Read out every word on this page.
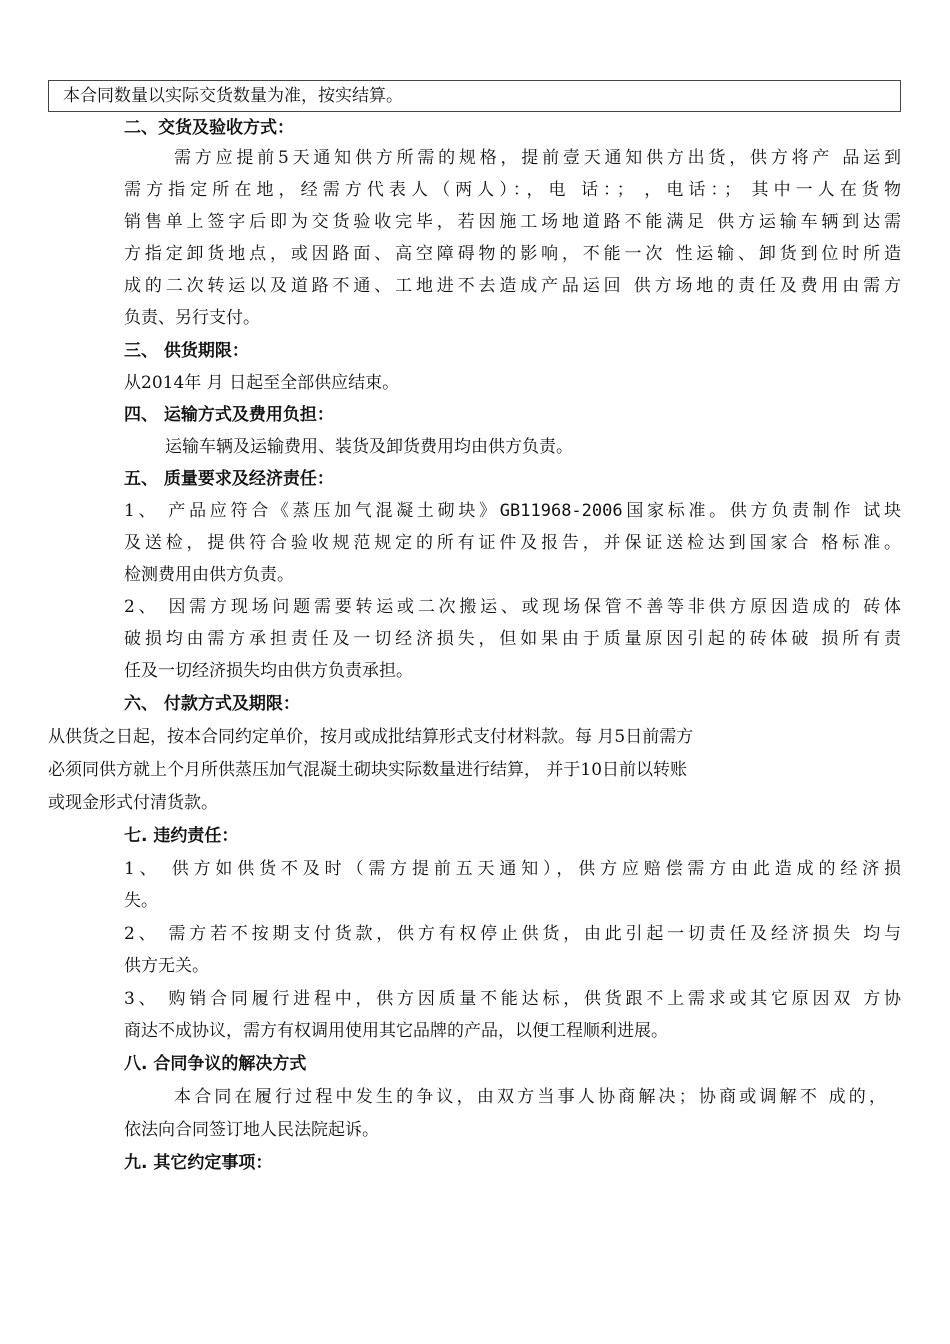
本合同数量以实际交货数量为准，按实结算。
二、交货及验收方式：
需方应提前5天通知供方所需的规格，提前壹天通知供方出货，供方将产 品运到
需方指定所在地，经需方代表人（两人）：，电 话：； ，电话：； 其中一人在货物
销售单上签字后即为交货验收完毕，若因施工场地道路不能满足 供方运输车辆到达需
方指定卸货地点，或因路面、高空障碍物的影响，不能一次 性运输、卸货到位时所造
成的二次转运以及道路不通、工地进不去造成产品运回 供方场地的责任及费用由需方
负责、另行支付。
三、 供货期限：
从2014年 月 日起至全部供应结束。
四、 运输方式及费用负担：
运输车辆及运输费用、装货及卸货费用均由供方负责。
五、 质量要求及经济责任：
1、 产品应符合《蒸压加气混凝土砌块》GB11968-2006国家标准。供方负责制作 试块
及送检，提供符合验收规范规定的所有证件及报告，并保证送检达到国家合 格标准。
检测费用由供方负责。
2、 因需方现场问题需要转运或二次搬运、或现场保管不善等非供方原因造成的 砖体
破损均由需方承担责任及一切经济损失，但如果由于质量原因引起的砖体破 损所有责
任及一切经济损失均由供方负责承担。
六、 付款方式及期限：
从供货之日起，按本合同约定单价，按月或成批结算形式支付材料款。每 月5日前需方
必须同供方就上个月所供蒸压加气混凝土砌块实际数量进行结算， 并于10日前以转账
或现金形式付清货款。
七. 违约责任：
1、 供方如供货不及时（需方提前五天通知），供方应赔偿需方由此造成的经济损
失。
2、 需方若不按期支付货款，供方有权停止供货，由此引起一切责任及经济损失 均与
供方无关。
3、 购销合同履行进程中，供方因质量不能达标，供货跟不上需求或其它原因双 方协
商达不成协议，需方有权调用使用其它品牌的产品，以便工程顺利进展。
八. 合同争议的解决方式
本合同在履行过程中发生的争议，由双方当事人协商解决；协商或调解不 成的，
依法向合同签订地人民法院起诉。
九. 其它约定事项：
